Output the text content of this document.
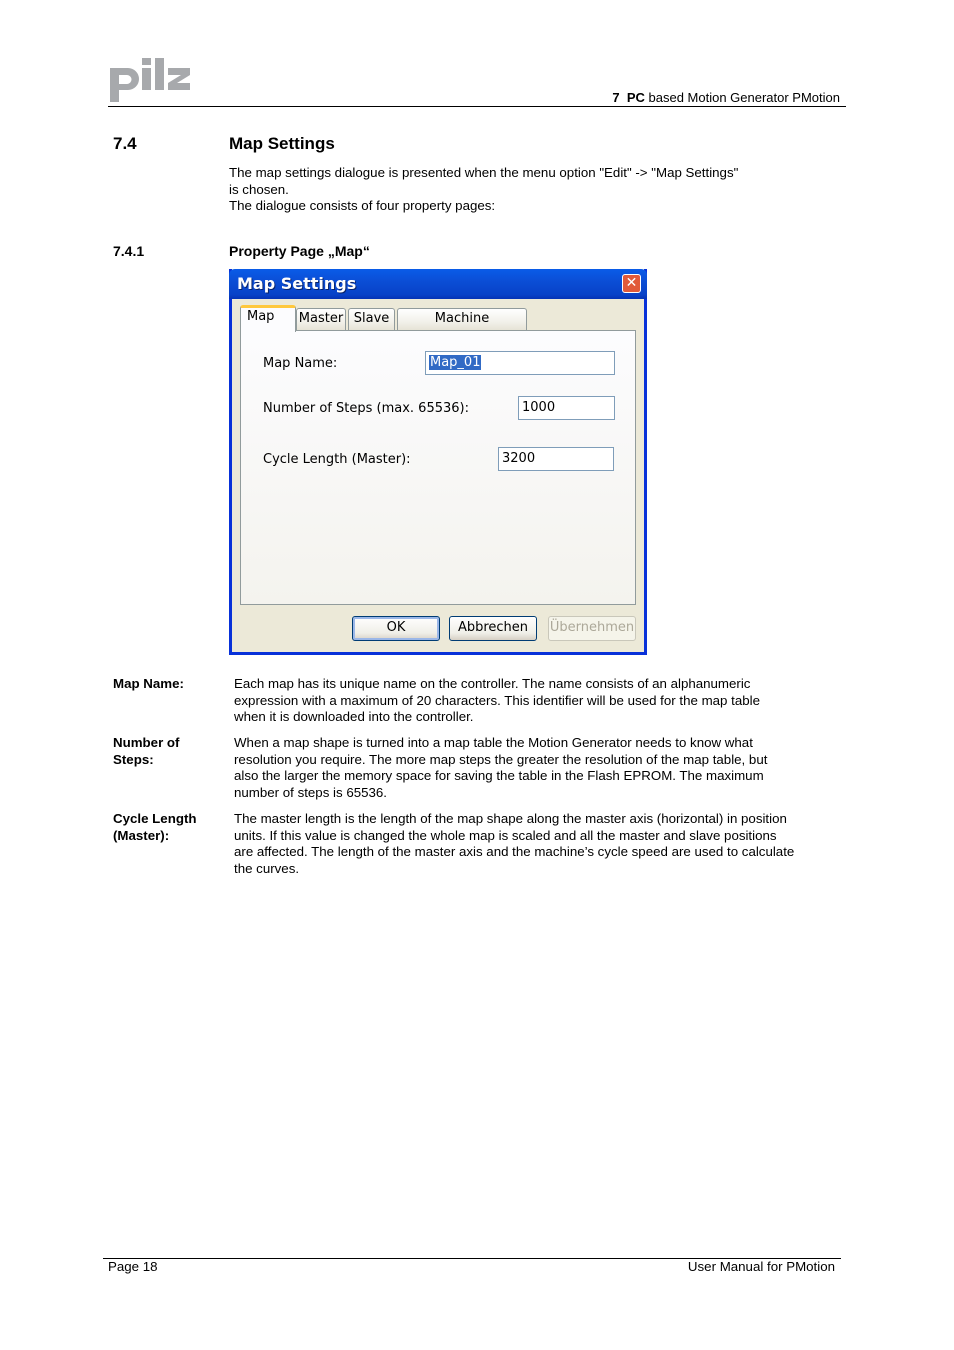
7 PC based Motion Generator PMotion
7.4	Map Settings
The map settings dialogue is presented when the menu option "Edit" -> "Map Settings"
is chosen.
The dialogue consists of four property pages:
7.4.1	Property Page „Map“
Map Settings	✕
Map	Master Slave	Machine
Map Name:	Map_01
Number of Steps (max. 65536):	1000
Cycle Length (Master):	3200
OK	Abbrechen	Übernehmen
Map Name:	Each map has its unique name on the controller. The name consists of an alphanumeric
expression with a maximum of 20 characters. This identifier will be used for the map table
when it is downloaded into the controller.
Number of
Steps:
When a map shape is turned into a map table the Motion Generator needs to know what
resolution you require. The more map steps the greater the resolution of the map table, but
also the larger the memory space for saving the table in the Flash EPROM. The maximum
number of steps is 65536.
Cycle Length
(Master):
The master length is the length of the map shape along the master axis (horizontal) in position
units. If this value is changed the whole map is scaled and all the master and slave positions
are affected. The length of the master axis and the machine’s cycle speed are used to calculate
the curves.
Page 18	User Manual for PMotion
